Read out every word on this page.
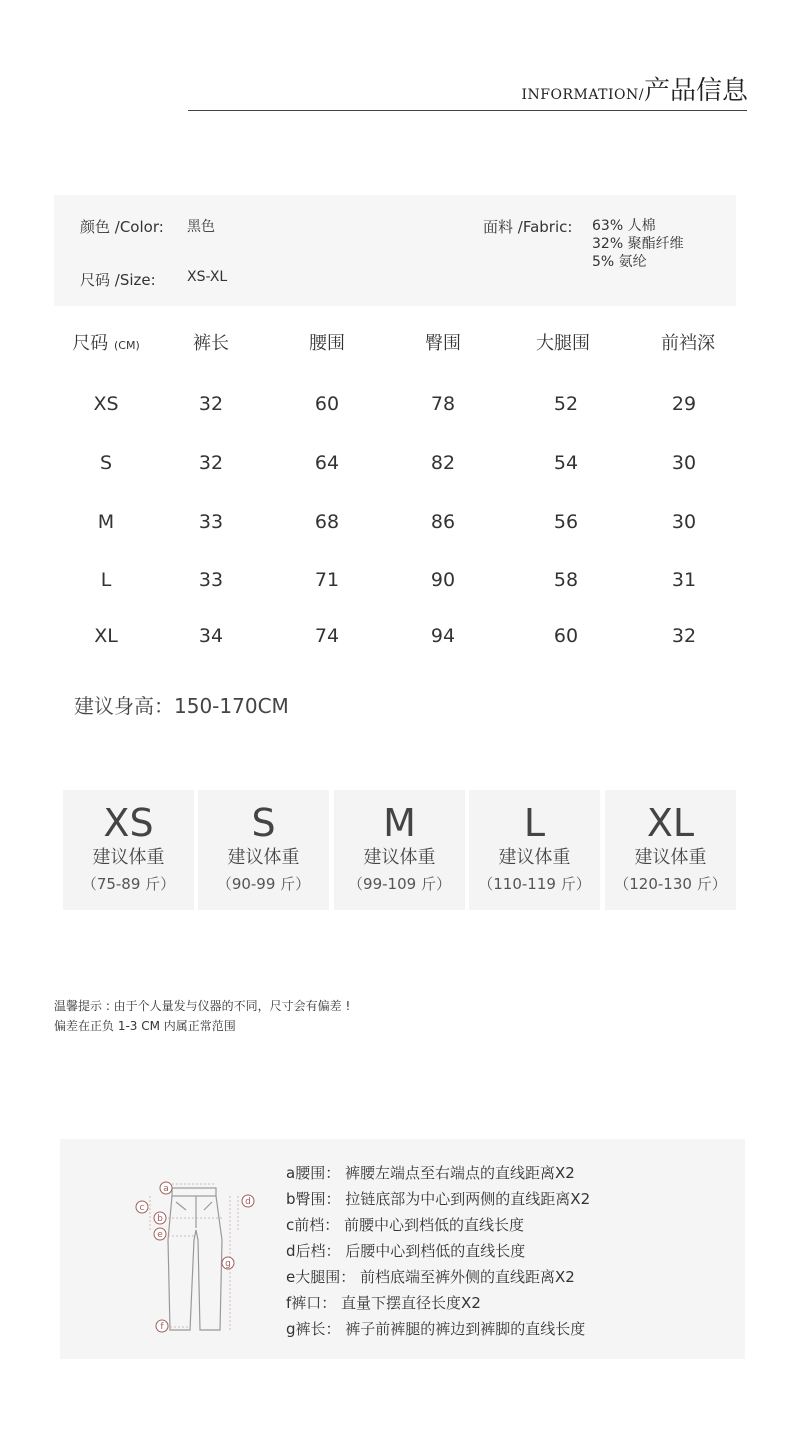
INFORMATION/产品信息
颜色 /Color: 黑色
尺码 /Size: XS-XL
面料 /Fabric: 63% 人棉
32% 聚酯纤维
5% 氨纶
尺码 (CM)	裤长	腰围	臀围	大腿围	前裆深
XS	32	60	78	52	29
S	32	64	82	54	30
M	33	68	86	56	30
L	33	71	90	58	31
XL	34	74	94	60	32
建议身高：150-170CM
XS
建议体重
（75-89 斤）
S
建议体重
（90-99 斤）
M
建议体重
（99-109 斤）
L
建议体重
（110-119 斤）
XL
建议体重
（120-130 斤）
温馨提示 : 由于个人量发与仪器的不同，尺寸会有偏差 !
偏差在正负 1-3 CM 内属正常范围
a
b
c
d
e
f
g
a腰围： 裤腰左端点至右端点的直线距离X2
b臀围： 拉链底部为中心到两侧的直线距离X2
c前档： 前腰中心到档低的直线长度
d后档： 后腰中心到档低的直线长度
e大腿围： 前档底端至裤外侧的直线距离X2
f裤口： 直量下摆直径长度X2
g裤长： 裤子前裤腿的裤边到裤脚的直线长度
